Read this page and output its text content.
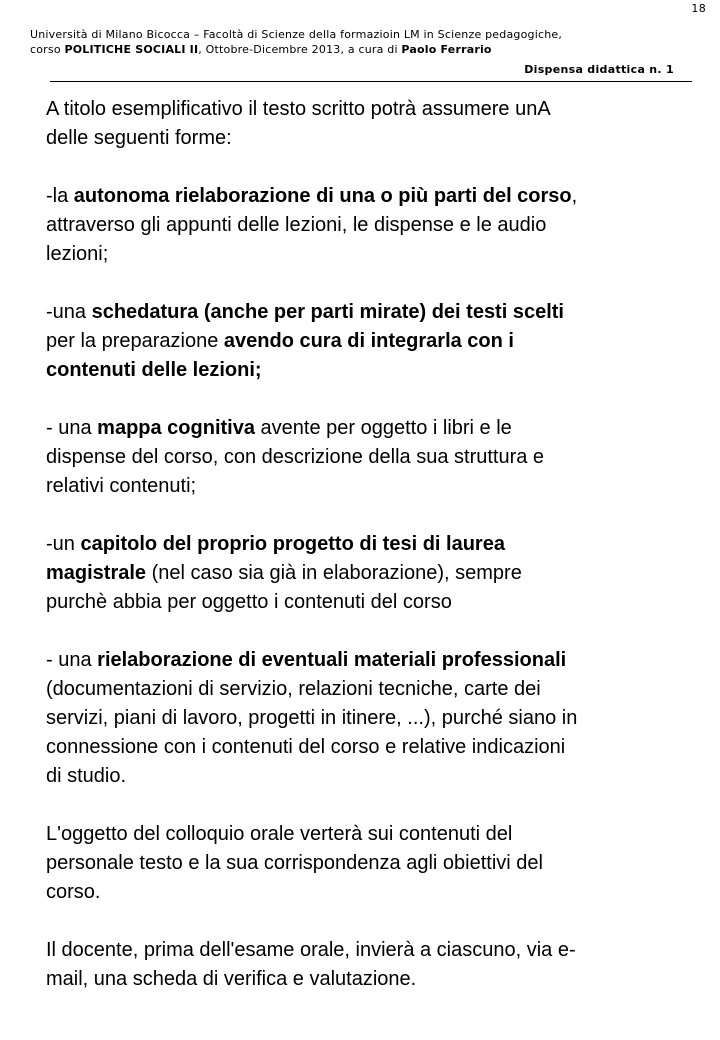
18
Università di Milano Bicocca – Facoltà di Scienze della formazioin LM in Scienze pedagogiche,
corso POLITICHE SOCIALI II, Ottobre-Dicembre 2013, a cura di Paolo Ferrario
Dispensa didattica n. 1
A titolo esemplificativo il testo scritto potrà assumere unA
delle seguenti forme:
-la autonoma rielaborazione di una o più parti del corso,
attraverso gli appunti delle lezioni, le dispense e le audio
lezioni;
-una schedatura (anche per parti mirate) dei testi scelti
per la preparazione avendo cura di integrarla con i
contenuti delle lezioni;
- una mappa cognitiva avente per oggetto i libri e le
dispense del corso, con descrizione della sua struttura e
relativi contenuti;
-un capitolo del proprio progetto di tesi di laurea
magistrale (nel caso sia già in elaborazione), sempre
purchè abbia per oggetto i contenuti del corso
- una rielaborazione di eventuali materiali professionali
(documentazioni di servizio, relazioni tecniche, carte dei
servizi, piani di lavoro, progetti in itinere, ...), purché siano in
connessione con i contenuti del corso e relative indicazioni
di studio.
L'oggetto del colloquio orale verterà sui contenuti del
personale testo e la sua corrispondenza agli obiettivi del
corso.
Il docente, prima dell'esame orale, invierà a ciascuno, via e-
mail, una scheda di verifica e valutazione.
